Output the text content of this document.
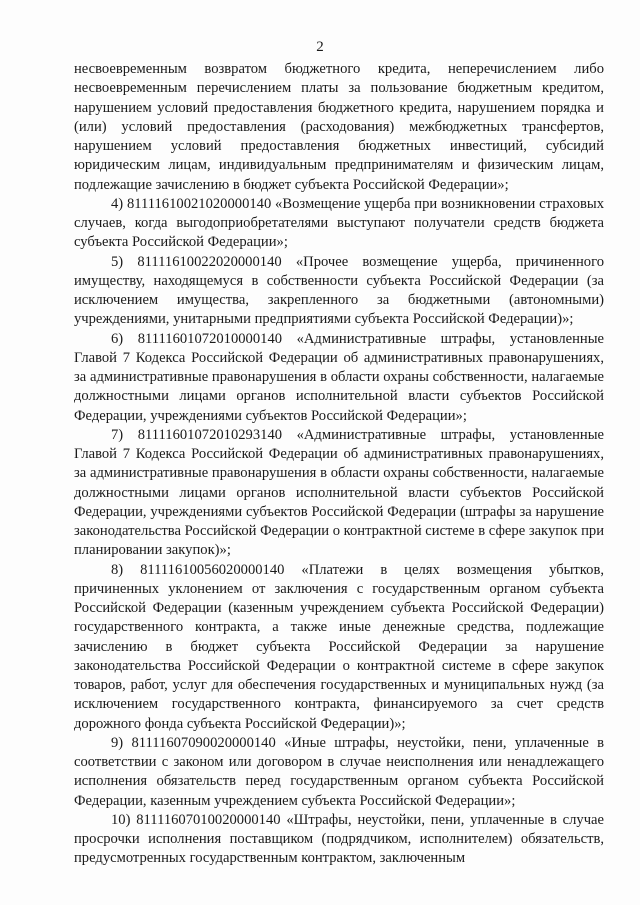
2

несвоевременным возвратом бюджетного кредита, неперечислением либо несвоевременным перечислением платы за пользование бюджетным кредитом, нарушением условий предоставления бюджетного кредита, нарушением порядка и (или) условий предоставления (расходования) межбюджетных трансфертов, нарушением условий предоставления бюджетных инвестиций, субсидий юридическим лицам, индивидуальным предпринимателям и физическим лицам, подлежащие зачислению в бюджет субъекта Российской Федерации»;

4) 81111610021020000140 «Возмещение ущерба при возникновении страховых случаев, когда выгодоприобретателями выступают получатели средств бюджета субъекта Российской Федерации»;

5) 81111610022020000140 «Прочее возмещение ущерба, причиненного имуществу, находящемуся в собственности субъекта Российской Федерации (за исключением имущества, закрепленного за бюджетными (автономными) учреждениями, унитарными предприятиями субъекта Российской Федерации)»;

6) 81111601072010000140 «Административные штрафы, установленные Главой 7 Кодекса Российской Федерации об административных правонарушениях, за административные правонарушения в области охраны собственности, налагаемые должностными лицами органов исполнительной власти субъектов Российской Федерации, учреждениями субъектов Российской Федерации»;

7) 81111601072010293140 «Административные штрафы, установленные Главой 7 Кодекса Российской Федерации об административных правонарушениях, за административные правонарушения в области охраны собственности, налагаемые должностными лицами органов исполнительной власти субъектов Российской Федерации, учреждениями субъектов Российской Федерации (штрафы за нарушение законодательства Российской Федерации о контрактной системе в сфере закупок при планировании закупок)»;

8) 81111610056020000140 «Платежи в целях возмещения убытков, причиненных уклонением от заключения с государственным органом субъекта Российской Федерации (казенным учреждением субъекта Российской Федерации) государственного контракта, а также иные денежные средства, подлежащие зачислению в бюджет субъекта Российской Федерации за нарушение законодательства Российской Федерации о контрактной системе в сфере закупок товаров, работ, услуг для обеспечения государственных и муниципальных нужд (за исключением государственного контракта, финансируемого за счет средств дорожного фонда субъекта Российской Федерации)»;

9) 81111607090020000140 «Иные штрафы, неустойки, пени, уплаченные в соответствии с законом или договором в случае неисполнения или ненадлежащего исполнения обязательств перед государственным органом субъекта Российской Федерации, казенным учреждением субъекта Российской Федерации»;

10) 81111607010020000140 «Штрафы, неустойки, пени, уплаченные в случае просрочки исполнения поставщиком (подрядчиком, исполнителем) обязательств, предусмотренных государственным контрактом, заключенным
